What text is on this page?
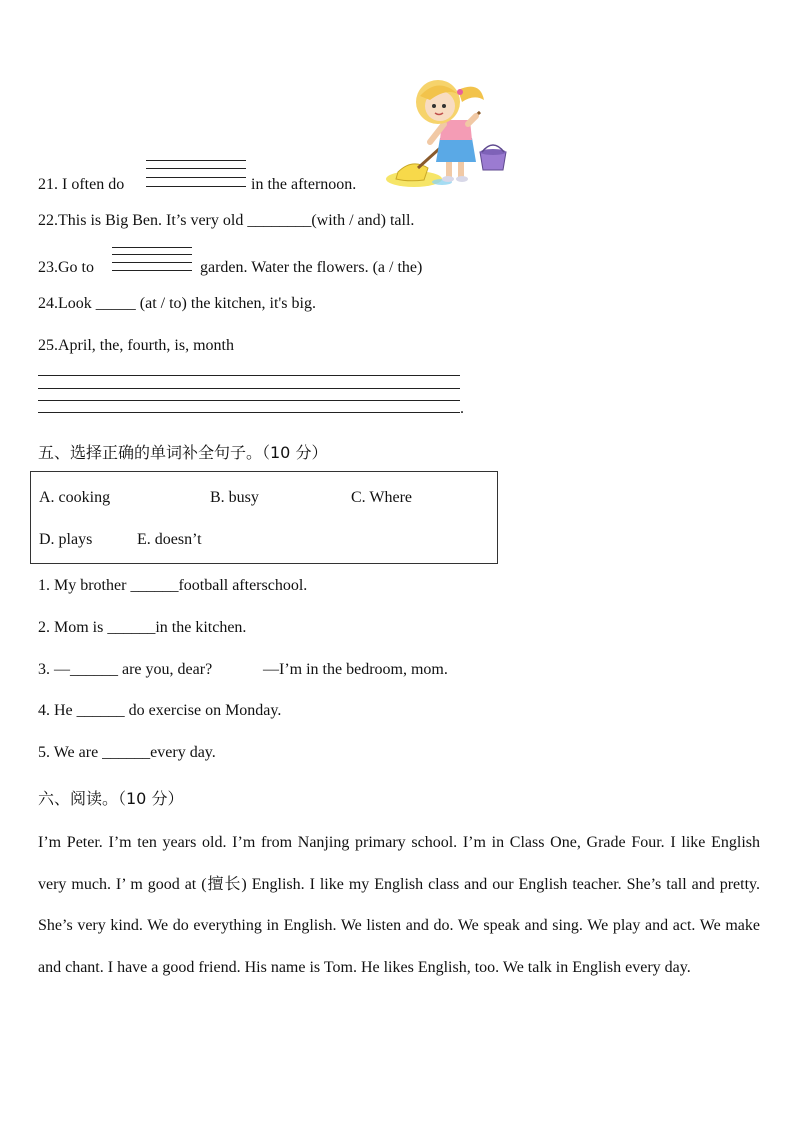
21. I often do	in the afternoon.
22.This is Big Ben. It’s very old ________(with / and) tall.
23.Go to	garden. Water the flowers. (a / the)
24.Look _____ (at / to) the kitchen, it's big.
25.April, the, fourth, is, month
.
五、选择正确的单词补全句子。（10 分）
A. cooking	B. busy	C. Where
D. plays	E. doesn’t
1. My brother ______football afterschool.
2. Mom is ______in the kitchen.
3. —______ are you, dear?	—I’m in the bedroom, mom.
4. He ______ do exercise on Monday.
5. We are ______every day.
六、阅读。（10 分）
I’m Peter. I’m ten years old. I’m from Nanjing primary school. I’m in Class One, Grade Four. I like English very much. I’ m good at (擅长) English. I like my English class and our English teacher. She’s tall and pretty. She’s very kind. We do everything in English. We listen and do. We speak and sing. We play and act. We make and chant. I have a good friend. His name is Tom. He likes English, too. We talk in English every day.
